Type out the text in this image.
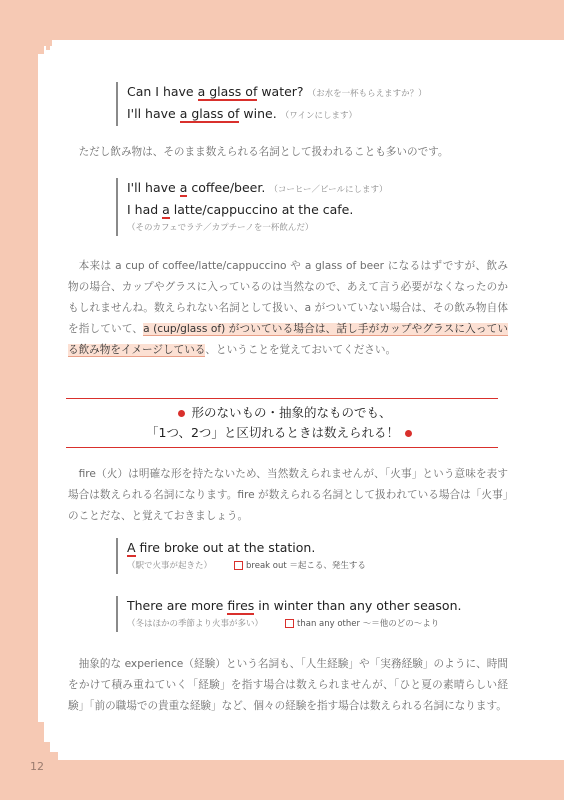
Can I have a glass of water? （お水を一杯もらえますか？）
I'll have a glass of wine. （ワインにします）
ただし飲み物は、そのまま数えられる名詞として扱われることも多いのです。
I'll have a coffee/beer. （コーヒー／ビールにします）
I had a latte/cappuccino at the cafe.
（そのカフェでラテ／カプチーノを一杯飲んだ）
本来は a cup of coffee/latte/cappuccino や a glass of beer になるはずですが、飲み物の場合、カップやグラスに入っているのは当然なので、あえて言う必要がなくなったのかもしれませんね。数えられない名詞として扱い、a がついていない場合は、その飲み物自体を指していて、a (cup/glass of) がついている場合は、話し手がカップやグラスに入っている飲み物をイメージしている、ということを覚えておいてください。
形のないもの・抽象的なものでも、
「1つ、2つ」と区切れるときは数えられる！
fire（火）は明確な形を持たないため、当然数えられませんが、「火事」という意味を表す場合は数えられる名詞になります。fire が数えられる名詞として扱われている場合は「火事」のことだな、と覚えておきましょう。
A fire broke out at the station.
（駅で火事が起きた）	break out ＝起こる、発生する
There are more fires in winter than any other season.
（冬はほかの季節より火事が多い）	than any other ～＝他のどの～より
抽象的な experience（経験）という名詞も、「人生経験」や「実務経験」のように、時間をかけて積み重ねていく「経験」を指す場合は数えられませんが、「ひと夏の素晴らしい経験」「前の職場での貴重な経験」など、個々の経験を指す場合は数えられる名詞になります。
12
